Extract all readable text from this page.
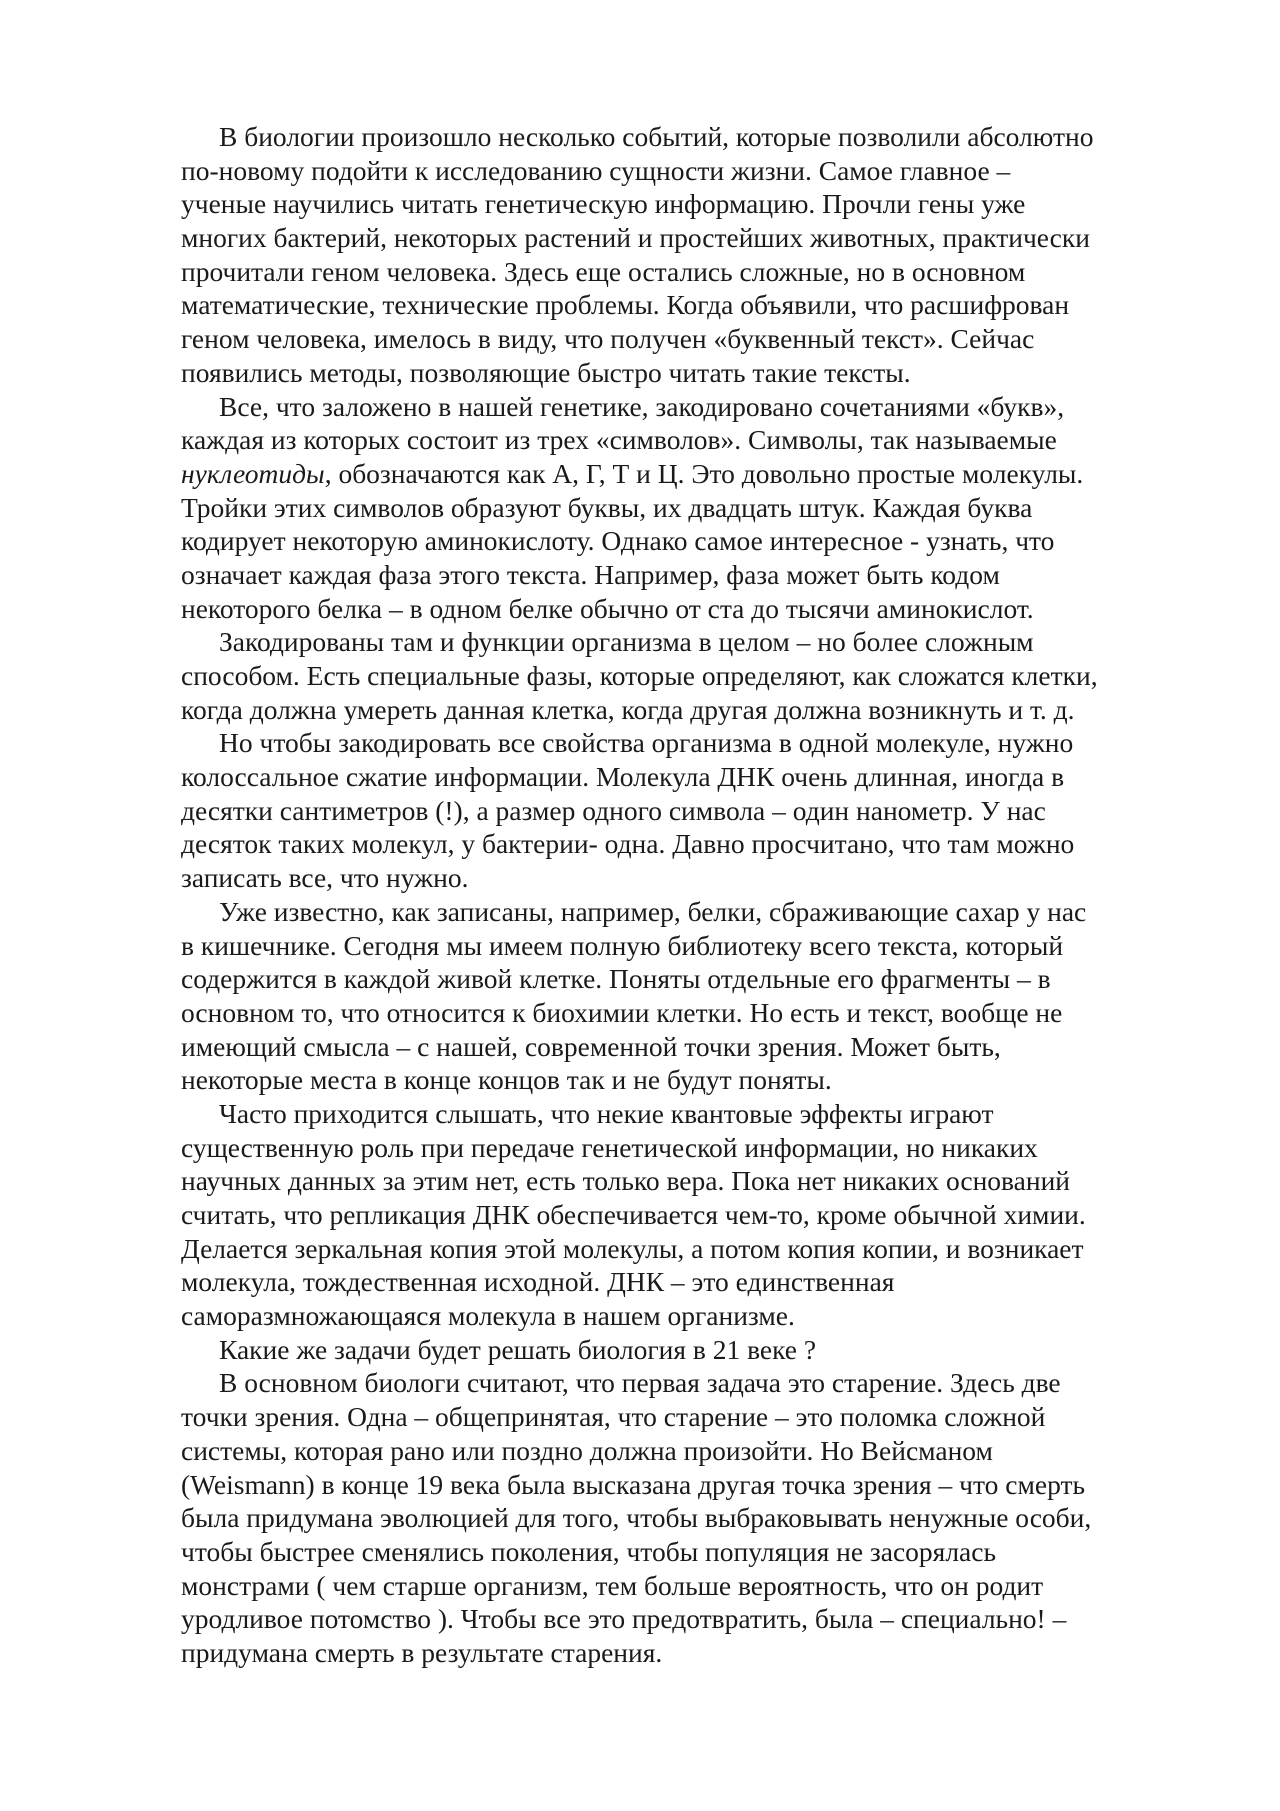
В биологии произошло несколько событий, которые позволили абсолютно
по-новому подойти к исследованию сущности жизни. Самое главное –
ученые научились читать генетическую информацию. Прочли гены уже
многих бактерий, некоторых растений и простейших животных, практически
прочитали геном человека. Здесь еще остались сложные, но в основном
математические, технические проблемы. Когда объявили, что расшифрован
геном человека, имелось в виду, что получен «буквенный текст». Сейчас
появились методы, позволяющие быстро читать такие тексты.
Все, что заложено в нашей генетике, закодировано сочетаниями «букв»,
каждая из которых состоит из трех «символов». Символы, так называемые
нуклеотиды, обозначаются как А, Г, Т и Ц. Это довольно простые молекулы.
Тройки этих символов образуют буквы, их двадцать штук. Каждая буква
кодирует некоторую аминокислоту. Однако самое интересное - узнать, что
означает каждая фаза этого текста. Например, фаза может быть кодом
некоторого белка – в одном белке обычно от ста до тысячи аминокислот.
Закодированы там и функции организма в целом – но более сложным
способом. Есть специальные фазы, которые определяют, как сложатся клетки,
когда должна умереть данная клетка, когда другая должна возникнуть и т. д.
Но чтобы закодировать все свойства организма в одной молекуле, нужно
колоссальное сжатие информации. Молекула ДНК очень длинная, иногда в
десятки сантиметров (!), а размер одного символа – один нанометр. У нас
десяток таких молекул, у бактерии- одна. Давно просчитано, что там можно
записать все, что нужно.
Уже известно, как записаны, например, белки, сбраживающие сахар у нас
в кишечнике. Сегодня мы имеем полную библиотеку всего текста, который
содержится в каждой живой клетке. Поняты отдельные его фрагменты – в
основном то, что относится к биохимии клетки. Но есть и текст, вообще не
имеющий смысла – с нашей, современной точки зрения. Может быть,
некоторые места в конце концов так и не будут поняты.
Часто приходится слышать, что некие квантовые эффекты играют
существенную роль при передаче генетической информации, но никаких
научных данных за этим нет, есть только вера. Пока нет никаких оснований
считать, что репликация ДНК обеспечивается чем-то, кроме обычной химии.
Делается зеркальная копия этой молекулы, а потом копия копии, и возникает
молекула, тождественная исходной. ДНК – это единственная
саморазмножающаяся молекула в нашем организме.
Какие же задачи будет решать биология в 21 веке ?
В основном биологи считают, что первая задача это старение. Здесь две
точки зрения. Одна – общепринятая, что старение – это поломка сложной
системы, которая рано или поздно должна произойти. Но Вейсманом
(Weismann) в конце 19 века была высказана другая точка зрения – что смерть
была придумана эволюцией для того, чтобы выбраковывать ненужные особи,
чтобы быстрее сменялись поколения, чтобы популяция не засорялась
монстрами ( чем старше организм, тем больше вероятность, что он родит
уродливое потомство ). Чтобы все это предотвратить, была – специально! –
придумана смерть в результате старения.
